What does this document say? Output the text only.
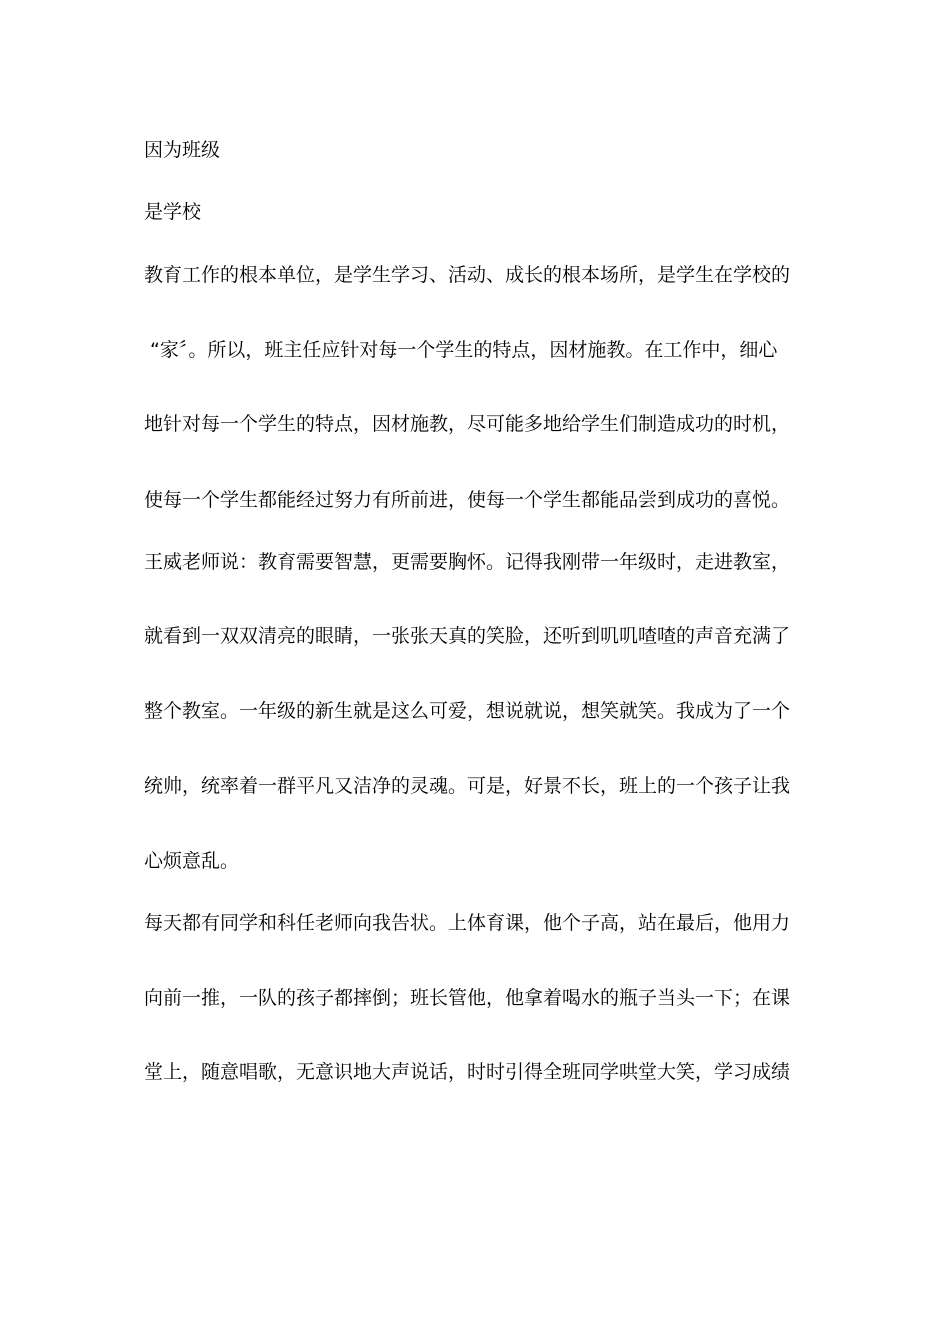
因为班级
是学校
教育工作的根本单位，是学生学习、活动、成长的根本场所，是学生在学校的
“家〞。所以，班主任应针对每一个学生的特点，因材施教。在工作中，细心
地针对每一个学生的特点，因材施教，尽可能多地给学生们制造成功的时机，
使每一个学生都能经过努力有所前进，使每一个学生都能品尝到成功的喜悦。
王威老师说：教育需要智慧，更需要胸怀。记得我刚带一年级时，走进教室，
就看到一双双清亮的眼睛，一张张天真的笑脸，还听到叽叽喳喳的声音充满了
整个教室。一年级的新生就是这么可爱，想说就说，想笑就笑。我成为了一个
统帅，统率着一群平凡又洁净的灵魂。可是，好景不长，班上的一个孩子让我
心烦意乱。
每天都有同学和科任老师向我告状。上体育课，他个子高，站在最后，他用力
向前一推，一队的孩子都摔倒；班长管他，他拿着喝水的瓶子当头一下；在课
堂上，随意唱歌，无意识地大声说话，时时引得全班同学哄堂大笑，学习成绩
